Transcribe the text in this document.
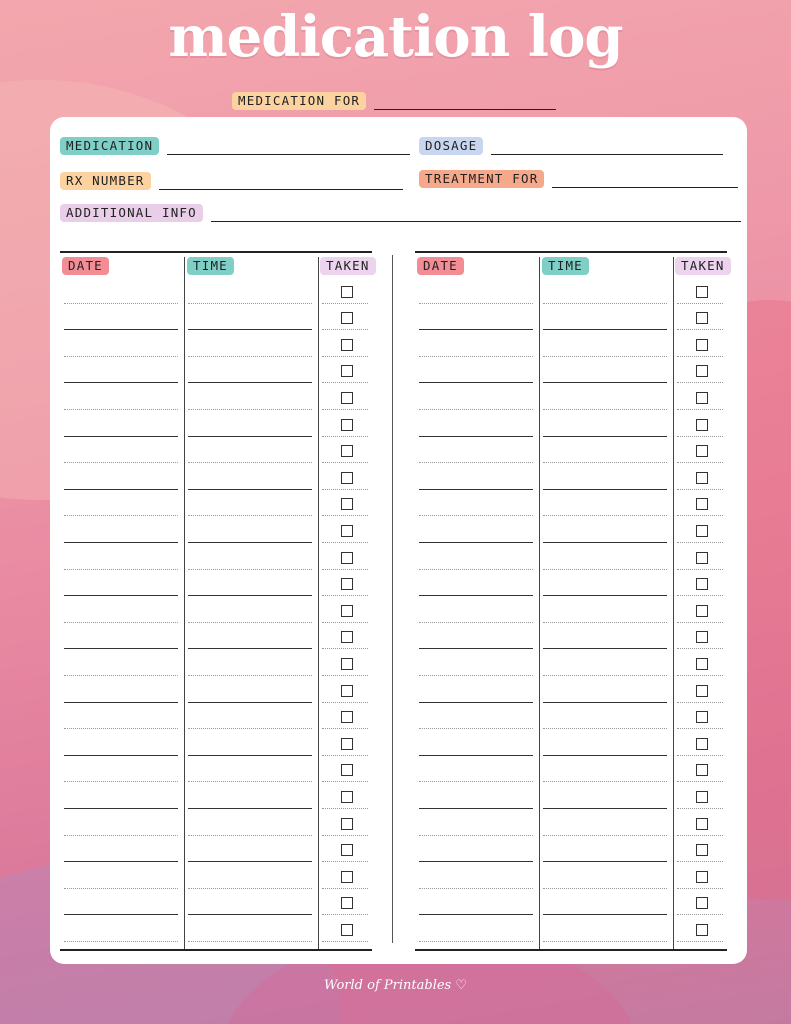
medication log
MEDICATION FOR
MEDICATION	DOSAGE
RX NUMBER	TREATMENT FOR
ADDITIONAL INFO
DATE	TIME	TAKEN	DATE	TIME	TAKEN
World of Printables ♡
